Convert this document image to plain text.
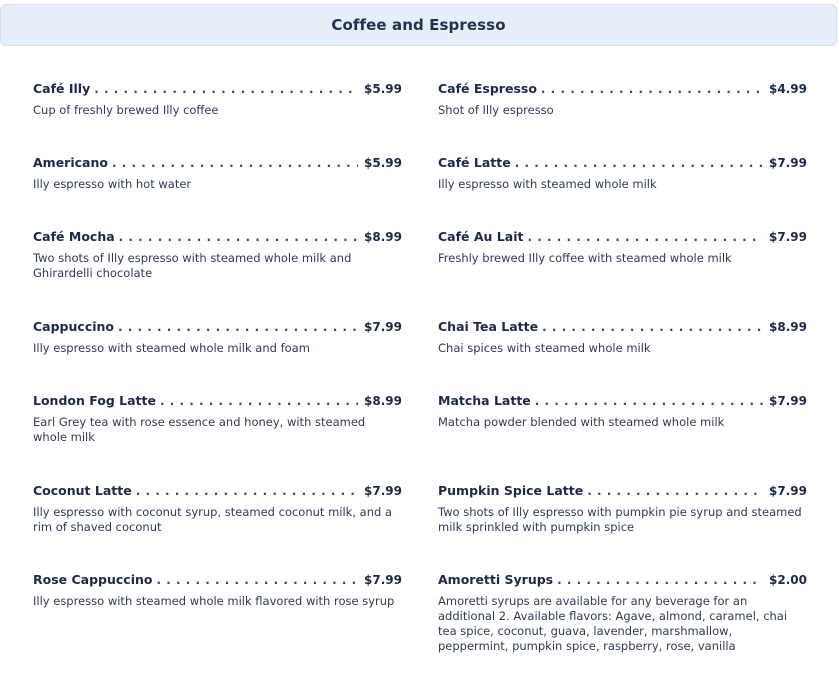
Coffee and Espresso
Café Illy .....	$5.99
Cup of freshly brewed Illy coffee
Café Espresso .....	$4.99
Shot of Illy espresso
Americano .....	$5.99
Illy espresso with hot water
Café Latte .....	$7.99
Illy espresso with steamed whole milk
Café Mocha .....	$8.99
Two shots of Illy espresso with steamed whole milk and Ghirardelli chocolate
Café Au Lait .....	$7.99
Freshly brewed Illy coffee with steamed whole milk
Cappuccino .....	$7.99
Illy espresso with steamed whole milk and foam
Chai Tea Latte .....	$8.99
Chai spices with steamed whole milk
London Fog Latte .....	$8.99
Earl Grey tea with rose essence and honey, with steamed whole milk
Matcha Latte .....	$7.99
Matcha powder blended with steamed whole milk
Coconut Latte .....	$7.99
Illy espresso with coconut syrup, steamed coconut milk, and a rim of shaved coconut
Pumpkin Spice Latte .....	$7.99
Two shots of Illy espresso with pumpkin pie syrup and steamed milk sprinkled with pumpkin spice
Rose Cappuccino .....	$7.99
Illy espresso with steamed whole milk flavored with rose syrup
Amoretti Syrups .....	$2.00
Amoretti syrups are available for any beverage for an additional 2. Available flavors: Agave, almond, caramel, chai tea spice, coconut, guava, lavender, marshmallow, peppermint, pumpkin spice, raspberry, rose, vanilla
